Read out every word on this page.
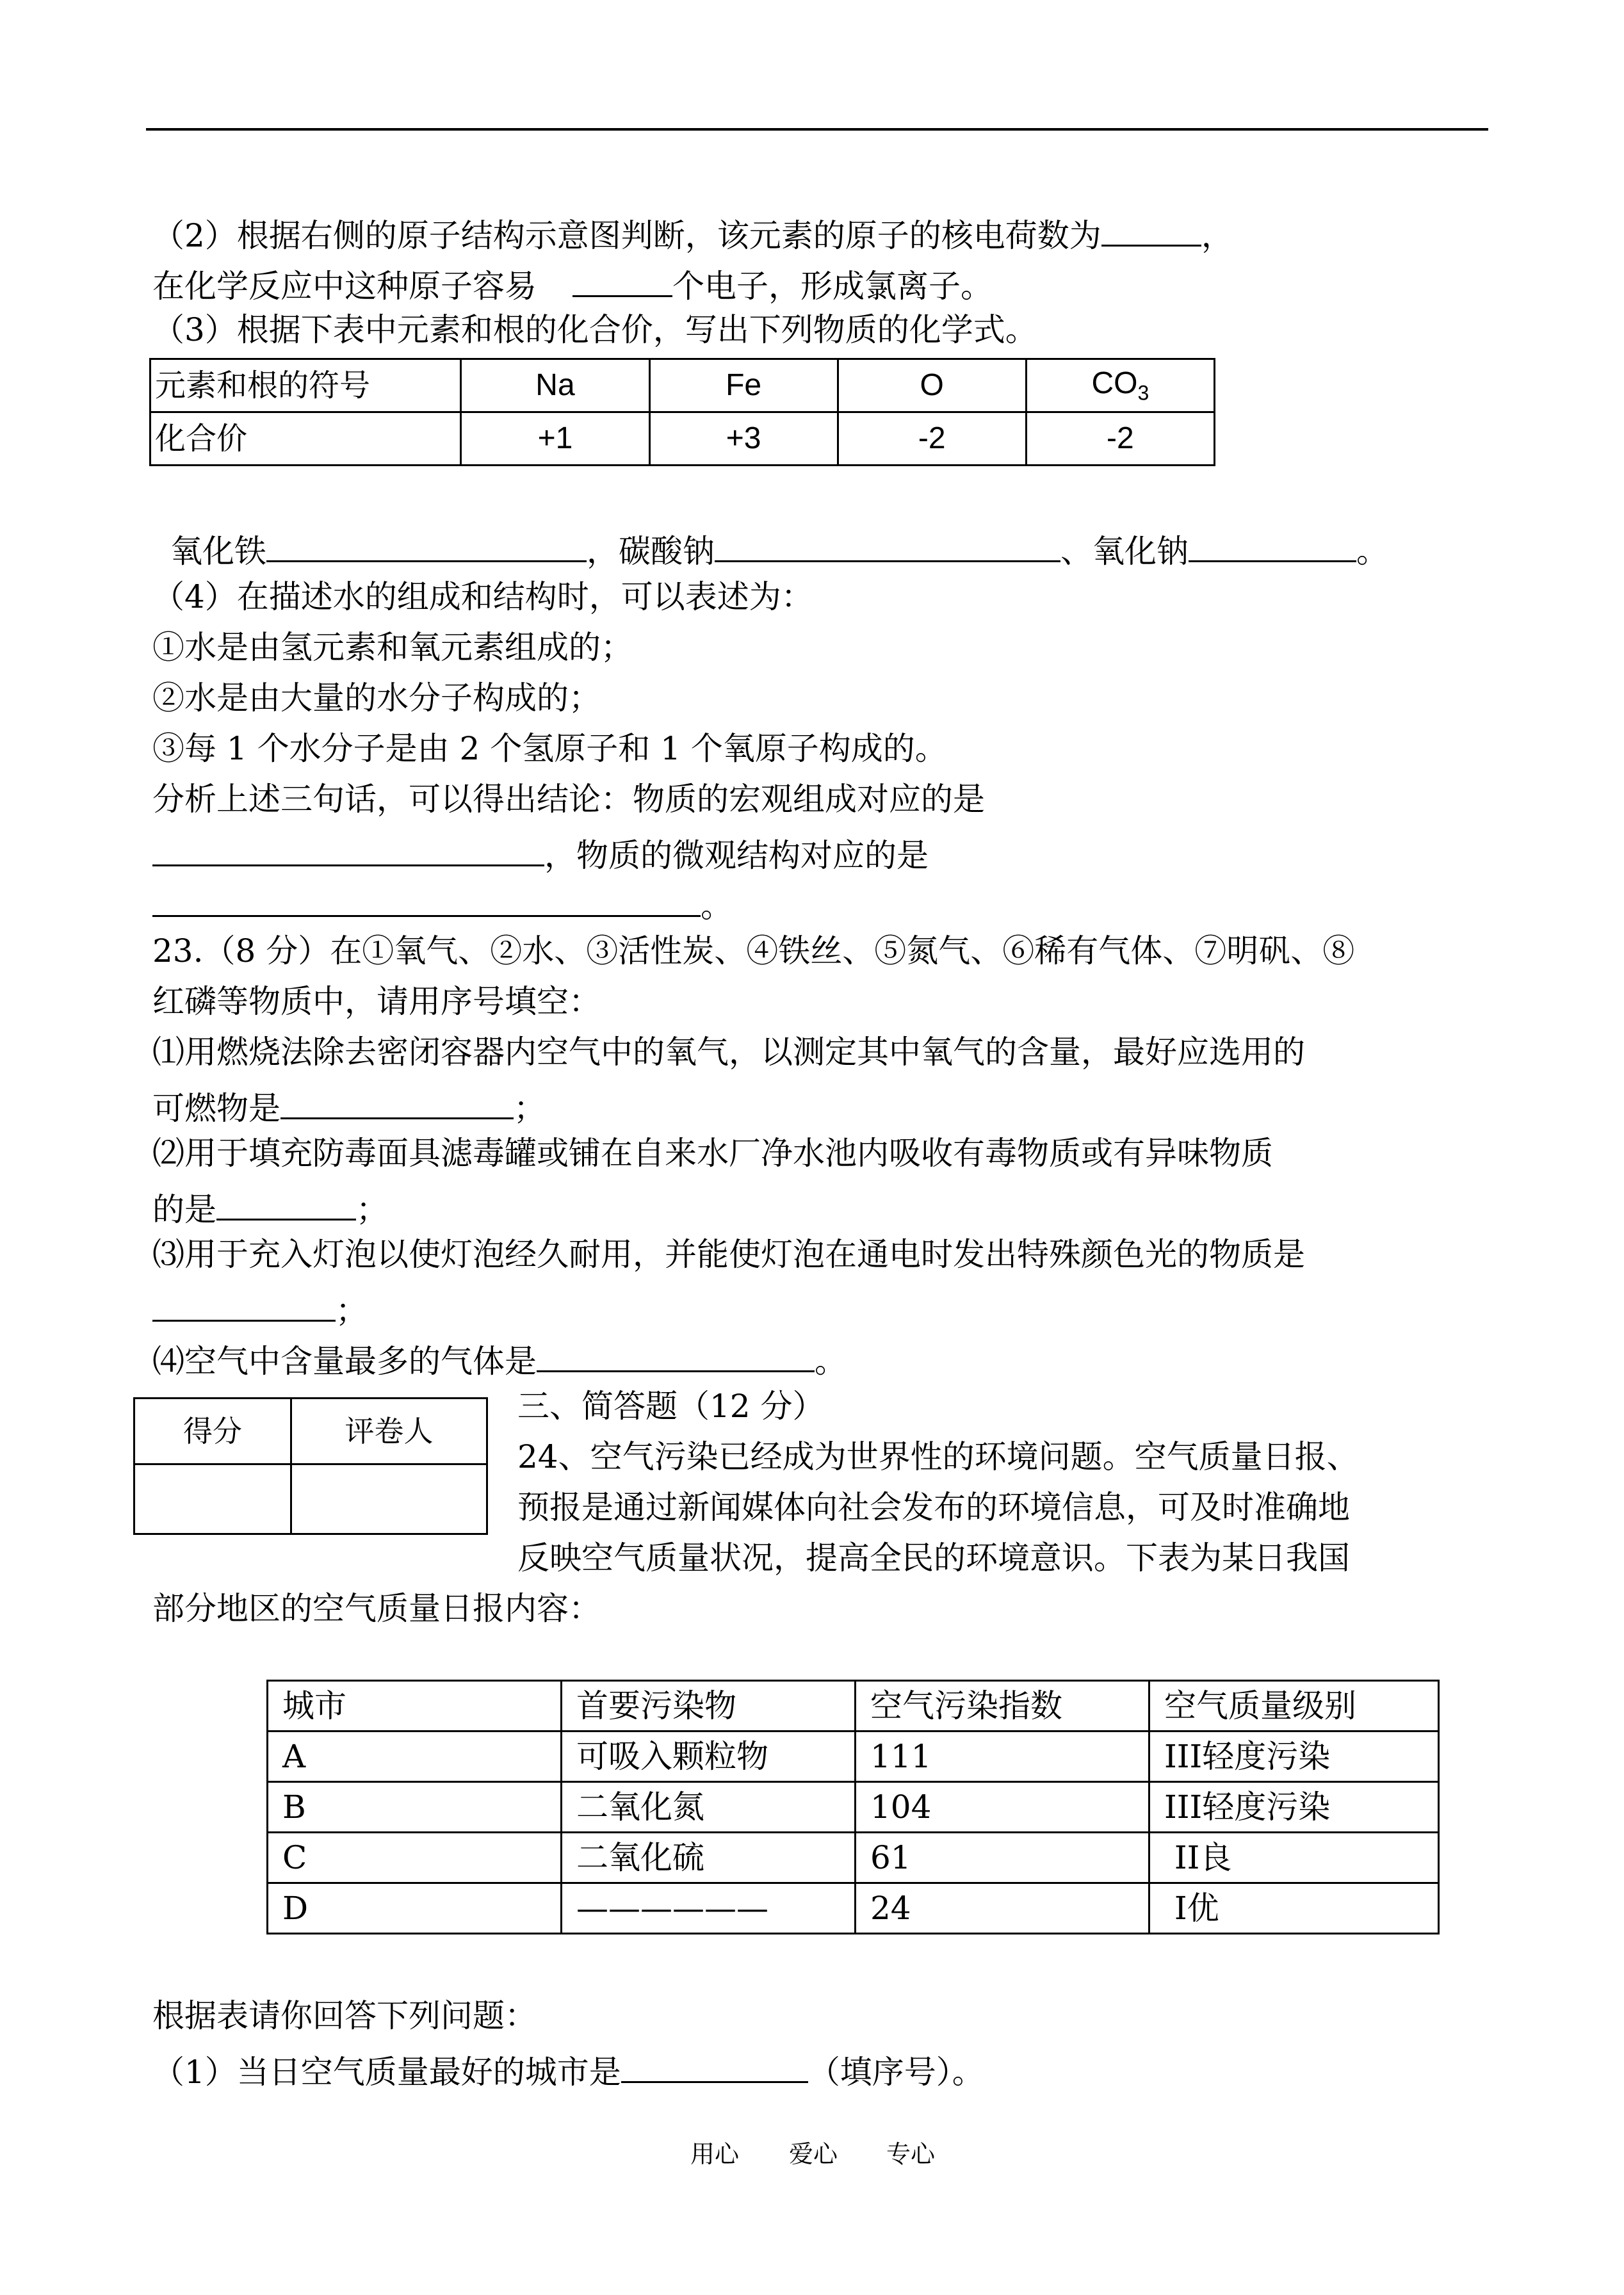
（2）根据右侧的原子结构示意图判断，该元素的原子的核电荷数为	，
在化学反应中这种原子容易	个电子，形成氯离子。
（3）根据下表中元素和根的化合价，写出下列物质的化学式。
元素和根的符号	Na	Fe	O	$CO_3$
化合价	+1	+3	-2	-2
氧化铁	，碳酸钠	、氧化钠	。
（4）在描述水的组成和结构时，可以表述为：
①水是由氢元素和氧元素组成的；
②水是由大量的水分子构成的；
③每 1 个水分子是由 2 个氢原子和 1 个氧原子构成的。
分析上述三句话，可以得出结论：物质的宏观组成对应的是
，物质的微观结构对应的是
。
23.（8 分）在①氧气、②水、③活性炭、④铁丝、⑤氮气、⑥稀有气体、⑦明矾、⑧
红磷等物质中，请用序号填空：
⑴用燃烧法除去密闭容器内空气中的氧气，以测定其中氧气的含量，最好应选用的
可燃物是	；
⑵用于填充防毒面具滤毒罐或铺在自来水厂净水池内吸收有毒物质或有异味物质
的是	；
⑶用于充入灯泡以使灯泡经久耐用，并能使灯泡在通电时发出特殊颜色光的物质是
；
⑷空气中含量最多的气体是	。
得分	评卷人

三、简答题（12 分）
24、空气污染已经成为世界性的环境问题。空气质量日报、
预报是通过新闻媒体向社会发布的环境信息，可及时准确地
反映空气质量状况，提高全民的环境意识。下表为某日我国
部分地区的空气质量日报内容：
城市	首要污染物	空气污染指数	空气质量级别
A	可吸入颗粒物	111	III轻度污染
B	二氧化氮	104	III轻度污染
C	二氧化硫	61	II良
D	——————	24	I优
根据表请你回答下列问题：
（1）当日空气质量最好的城市是	（填序号）。
用心 爱心 专心
